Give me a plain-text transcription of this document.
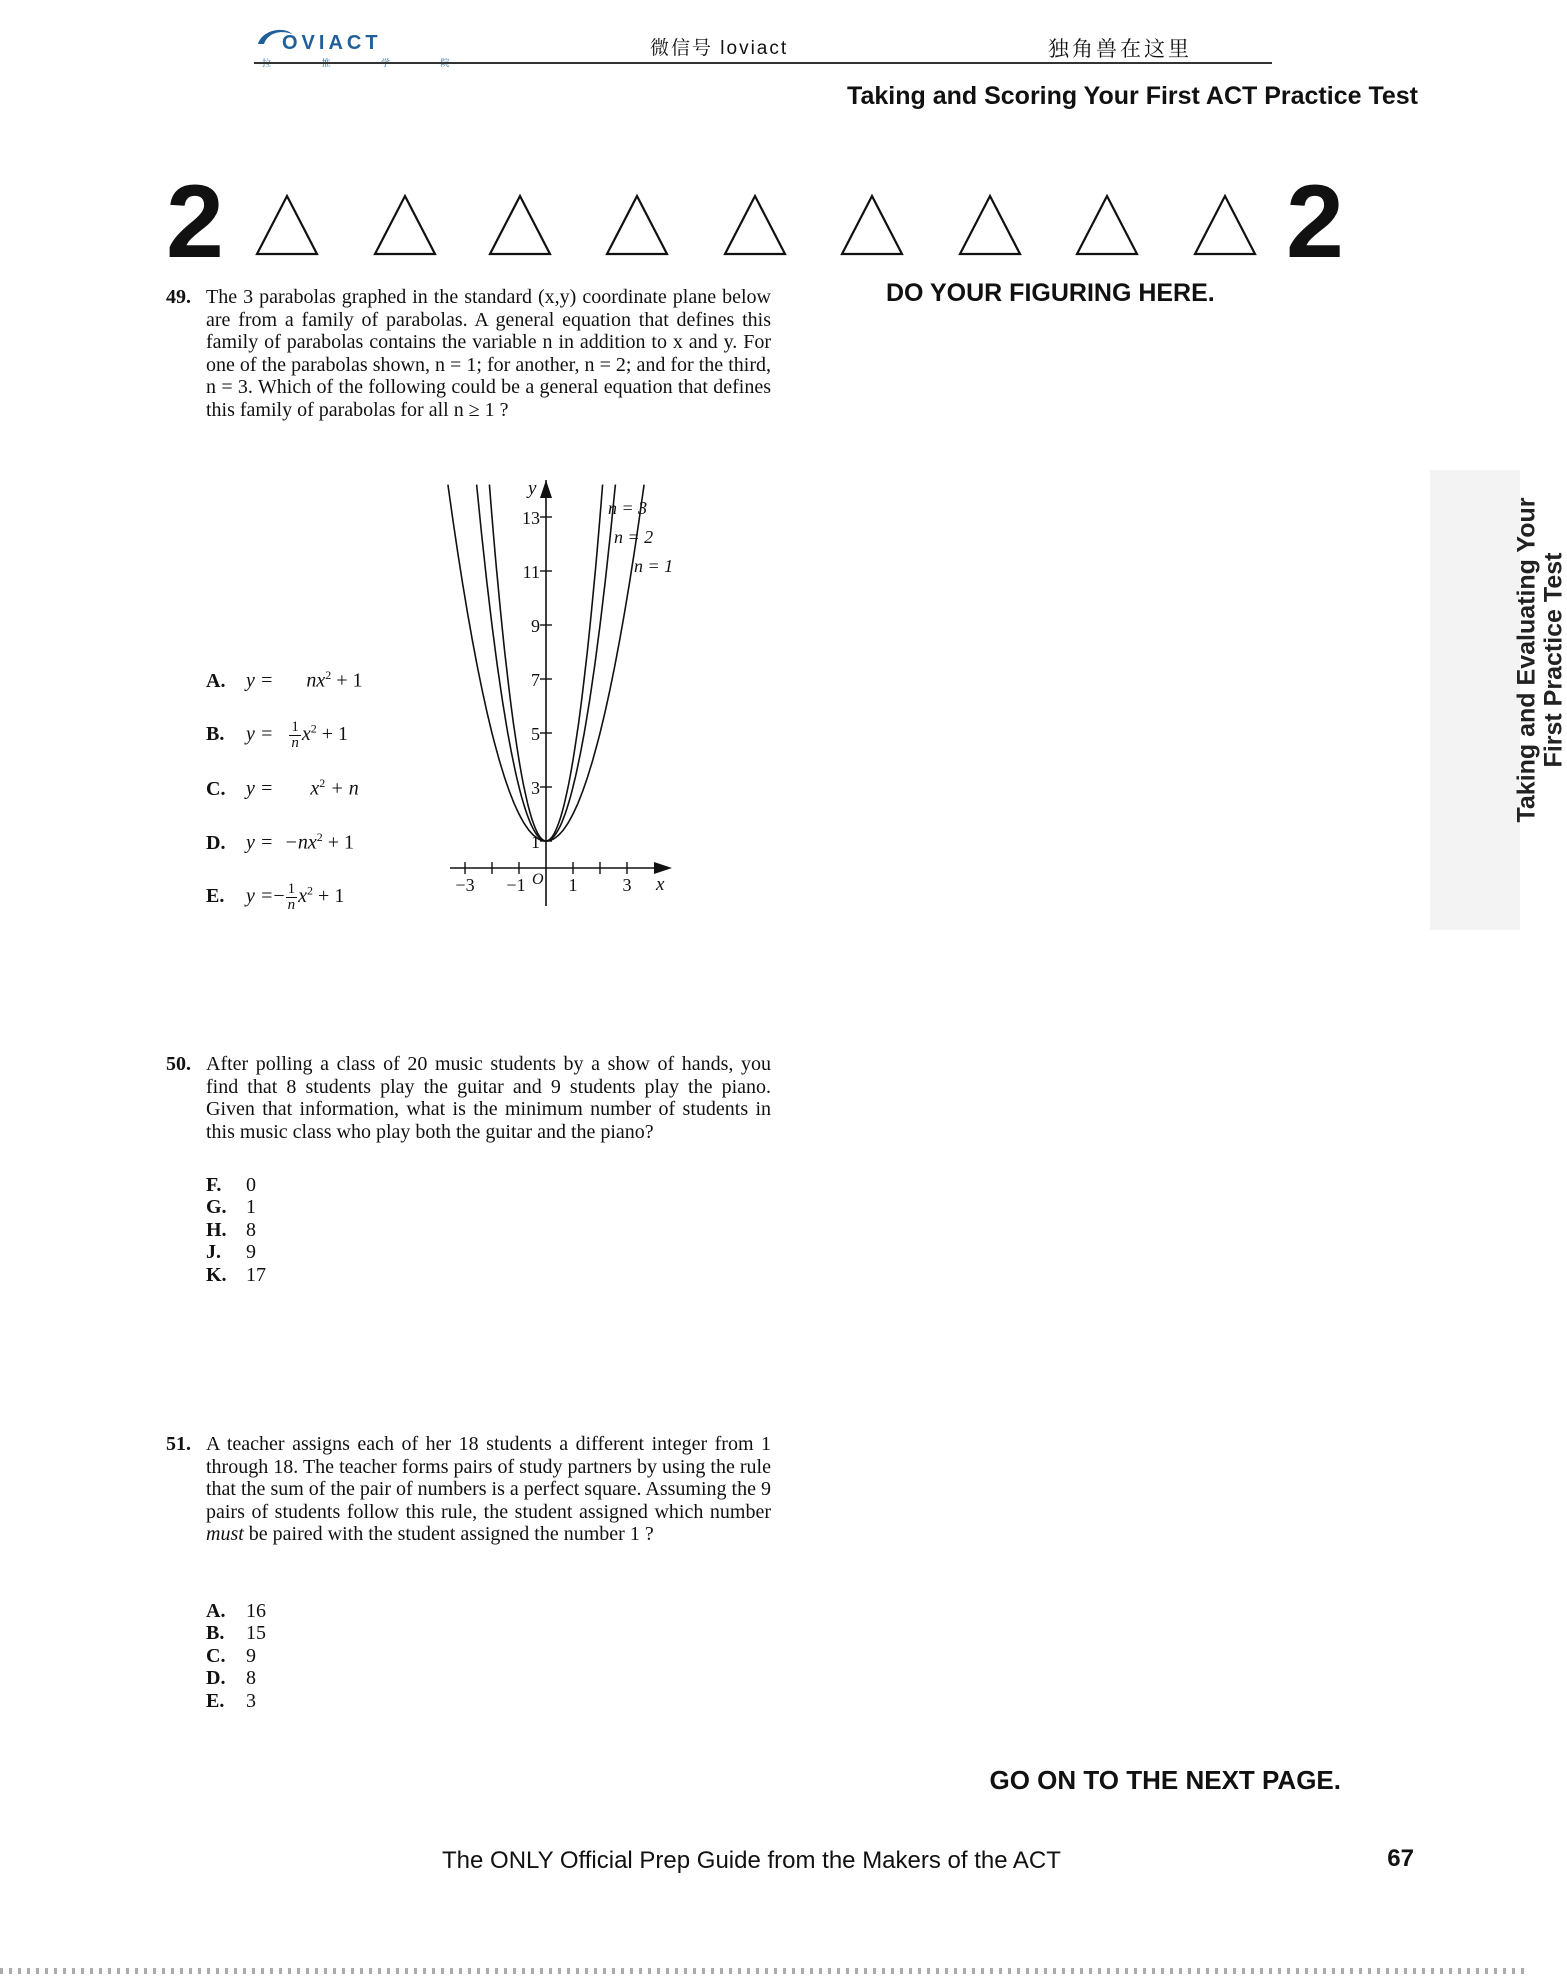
OVIACT
拉 推 学 院
微信号 loviact	独角兽在这里
Taking and Scoring Your First ACT Practice Test
2	2
DO YOUR FIGURING HERE.
Taking and Evaluating Your
First Practice Test
49. The 3 parabolas graphed in the standard (x,y) coordinate plane below are from a family of parabolas. A general equation that defines this family of parabolas contains the variable n in addition to x and y. For one of the parabolas shown, n = 1; for another, n = 2; and for the third, n = 3. Which of the following could be a general equation that defines this family of parabolas for all n ≥ 1 ?
A. $y = nx^2 + 1$
B. $y = \frac{1}{n} x^2 + 1$
C. $y = x^2 + n$
D. $y = -nx^2 + 1$
E. $y =- \frac{1}{n} x^2 + 1$
y
x
O
13
11
9
7
5
3
1
−3 −1 1	3
n = 3
n = 2
n = 1
50. After polling a class of 20 music students by a show of hands, you find that 8 students play the guitar and 9 students play the piano. Given that information, what is the minimum number of students in this music class who play both the guitar and the piano?
F. 0
G. 1
H. 8
J. 9
K. 17
51. A teacher assigns each of her 18 students a different integer from 1 through 18. The teacher forms pairs of study partners by using the rule that the sum of the pair of numbers is a perfect square. Assuming the 9 pairs of students follow this rule, the student assigned which number must be paired with the student assigned the number 1 ?
A. 16
B. 15
C. 9
D. 8
E. 3
GO ON TO THE NEXT PAGE.
The ONLY Official Prep Guide from the Makers of the ACT	67
